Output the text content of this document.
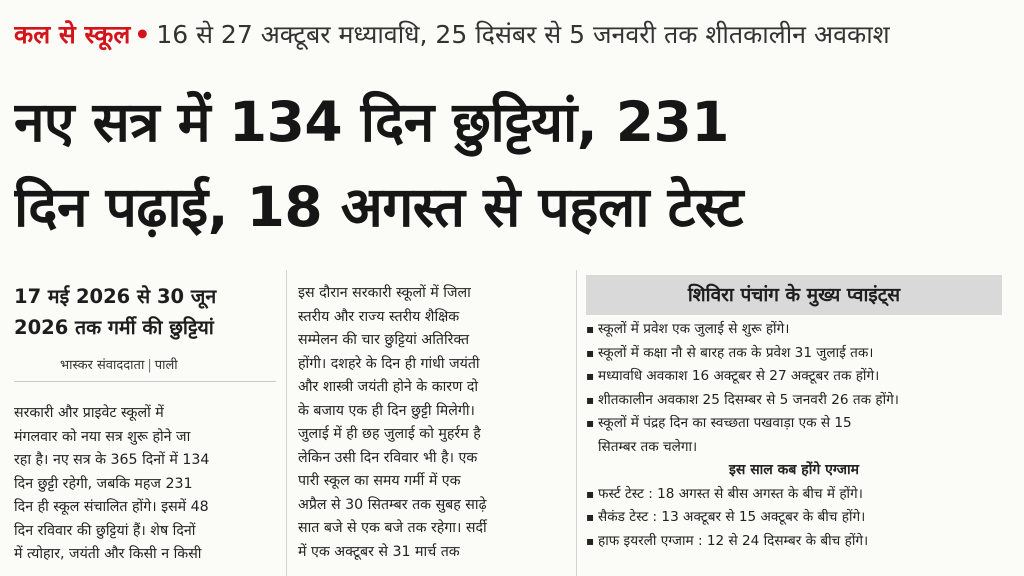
कल से स्कूल • 16 से 27 अक्टूबर मध्यावधि, 25 दिसंबर से 5 जनवरी तक शीतकालीन अवकाश
नए सत्र में 134 दिन छुट्टियां, 231
दिन पढ़ाई, 18 अगस्त से पहला टेस्ट
17 मई 2026 से 30 जून
2026 तक गर्मी की छुट्टियां
भास्कर संवाददाता | पाली
सरकारी और प्राइवेट स्कूलों में
मंगलवार को नया सत्र शुरू होने जा
रहा है। नए सत्र के 365 दिनों में 134
दिन छुट्टी रहेगी, जबकि महज 231
दिन ही स्कूल संचालित होंगे। इसमें 48
दिन रविवार की छुट्टियां हैं। शेष दिनों
में त्योहार, जयंती और किसी न किसी
इस दौरान सरकारी स्कूलों में जिला
स्तरीय और राज्य स्तरीय शैक्षिक
सम्मेलन की चार छुट्टियां अतिरिक्त
होंगी। दशहरे के दिन ही गांधी जयंती
और शास्त्री जयंती होने के कारण दो
के बजाय एक ही दिन छुट्टी मिलेगी।
जुलाई में ही छह जुलाई को मुहर्रम है
लेकिन उसी दिन रविवार भी है। एक
पारी स्कूल का समय गर्मी में एक
अप्रैल से 30 सितम्बर तक सुबह साढ़े
सात बजे से एक बजे तक रहेगा। सर्दी
में एक अक्टूबर से 31 मार्च तक
शिविरा पंचांग के मुख्य प्वाइंट्स
▪ स्कूलों में प्रवेश एक जुलाई से शुरू होंगे।
▪ स्कूलों में कक्षा नौ से बारह तक के प्रवेश 31 जुलाई तक।
▪ मध्यावधि अवकाश 16 अक्टूबर से 27 अक्टूबर तक होंगे।
▪ शीतकालीन अवकाश 25 दिसम्बर से 5 जनवरी 26 तक होंगे।
▪ स्कूलों में पंद्रह दिन का स्वच्छता पखवाड़ा एक से 15
सितम्बर तक चलेगा।
इस साल कब होंगे एग्जाम
▪ फर्स्ट टेस्ट : 18 अगस्त से बीस अगस्त के बीच में होंगे।
▪ सैकंड टेस्ट : 13 अक्टूबर से 15 अक्टूबर के बीच होंगे।
▪ हाफ इयरली एग्जाम : 12 से 24 दिसम्बर के बीच होंगे।
